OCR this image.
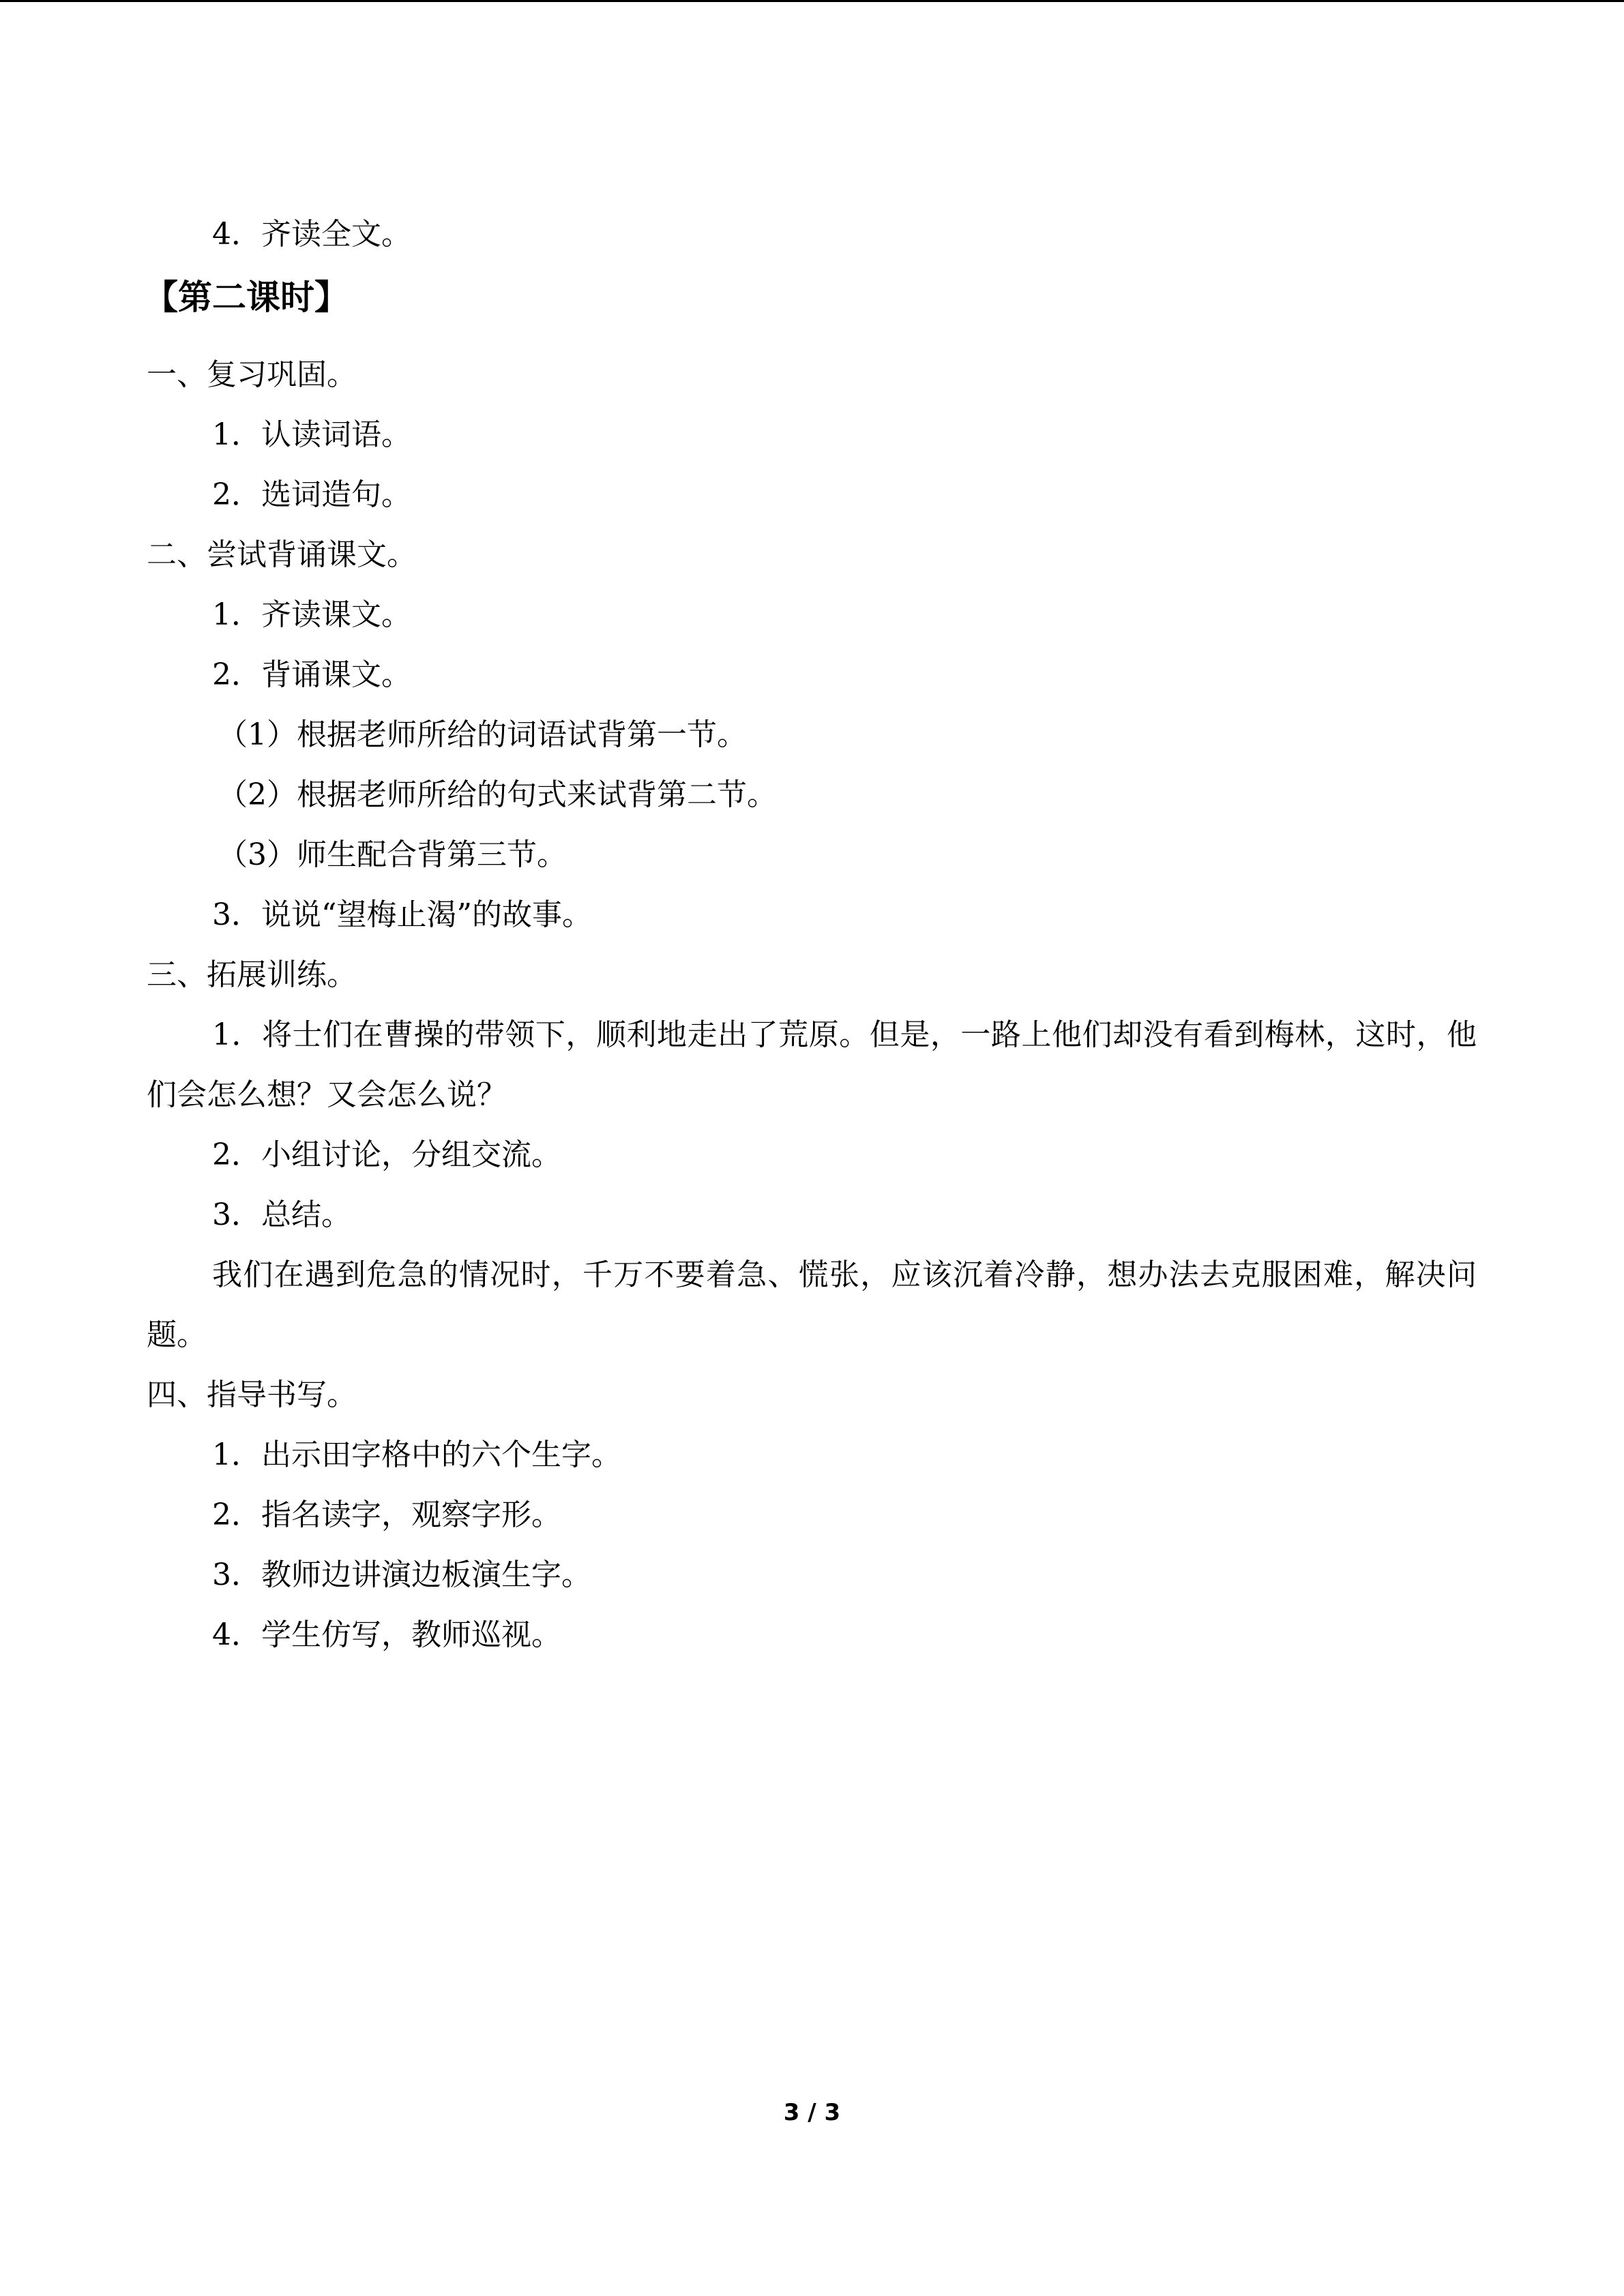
4．齐读全文。
【第二课时】
一、复习巩固。
1．认读词语。
2．选词造句。
二、尝试背诵课文。
1．齐读课文。
2．背诵课文。
（1）根据老师所给的词语试背第一节。
（2）根据老师所给的句式来试背第二节。
（3）师生配合背第三节。
3．说说“望梅止渴”的故事。
三、拓展训练。
1．将士们在曹操的带领下，顺利地走出了荒原。但是，一路上他们却没有看到梅林，这时，他们会怎么想？又会怎么说？
2．小组讨论，分组交流。
3．总结。
我们在遇到危急的情况时，千万不要着急、慌张，应该沉着冷静，想办法去克服困难，解决问题。
四、指导书写。
1．出示田字格中的六个生字。
2．指名读字，观察字形。
3．教师边讲演边板演生字。
4．学生仿写，教师巡视。
3 / 3
